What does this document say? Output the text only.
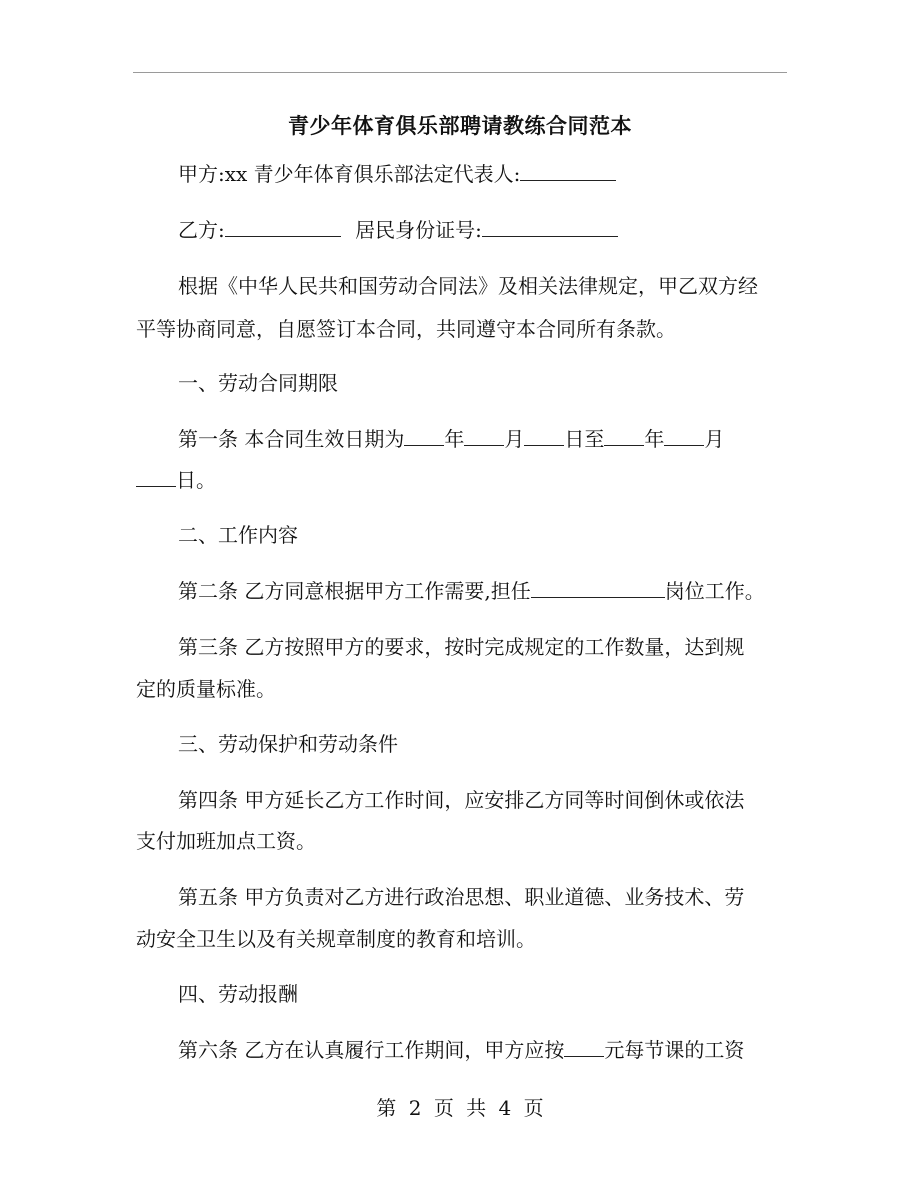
青少年体育俱乐部聘请教练合同范本
甲方:xx 青少年体育俱乐部法定代表人:
乙方:	居民身份证号:
根据《中华人民共和国劳动合同法》及相关法律规定，甲乙双方经
平等协商同意，自愿签订本合同，共同遵守本合同所有条款。
一、劳动合同期限
第一条 本合同生效日期为 年 月 日至 年 月
日。
二、工作内容
第二条 乙方同意根据甲方工作需要,担任	岗位工作。
第三条 乙方按照甲方的要求，按时完成规定的工作数量，达到规
定的质量标准。
三、劳动保护和劳动条件
第四条 甲方延长乙方工作时间，应安排乙方同等时间倒休或依法
支付加班加点工资。
第五条 甲方负责对乙方进行政治思想、职业道德、业务技术、劳
动安全卫生以及有关规章制度的教育和培训。
四、劳动报酬
第六条 乙方在认真履行工作期间，甲方应按 元每节课的工资
第 2 页 共 4 页
